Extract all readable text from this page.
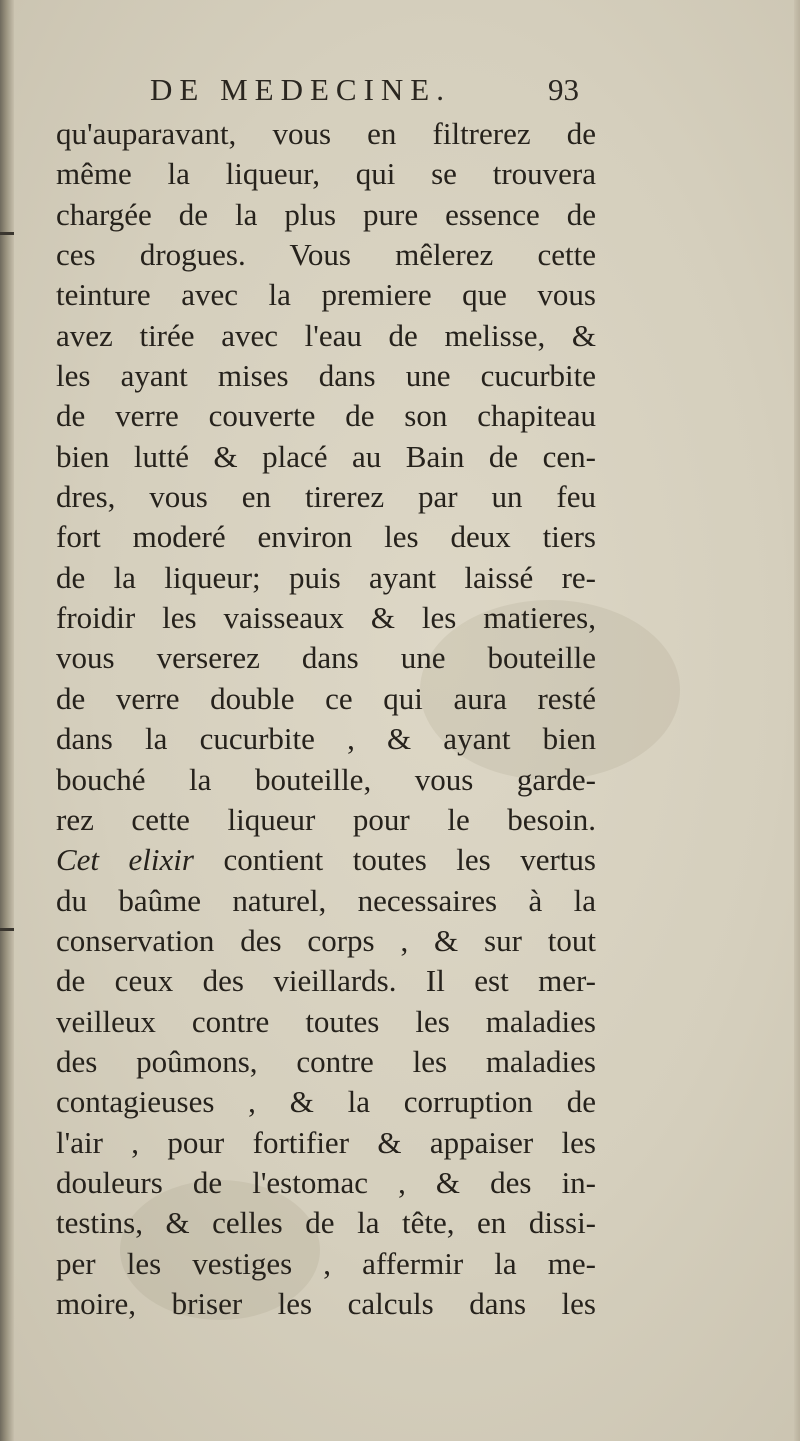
DE MEDECINE.	93
qu'auparavant, vous en filtrerez de
même la liqueur, qui se trouvera
chargée de la plus pure essence de
ces drogues. Vous mêlerez cette
teinture avec la premiere que vous
avez tirée avec l'eau de melisse, &
les ayant mises dans une cucurbite
de verre couverte de son chapiteau
bien lutté & placé au Bain de cen-
dres, vous en tirerez par un feu
fort moderé environ les deux tiers
de la liqueur; puis ayant laissé re-
froidir les vaisseaux & les matieres,
vous verserez dans une bouteille
de verre double ce qui aura resté
dans la cucurbite , & ayant bien
bouché la bouteille, vous garde-
rez cette liqueur pour le besoin.
Cet elixir contient toutes les vertus
du baûme naturel, necessaires à la
conservation des corps , & sur tout
de ceux des vieillards. Il est mer-
veilleux contre toutes les maladies
des poûmons, contre les maladies
contagieuses , & la corruption de
l'air , pour fortifier & appaiser les
douleurs de l'estomac , & des in-
testins, & celles de la tête, en dissi-
per les vestiges , affermir la me-
moire, briser les calculs dans les
